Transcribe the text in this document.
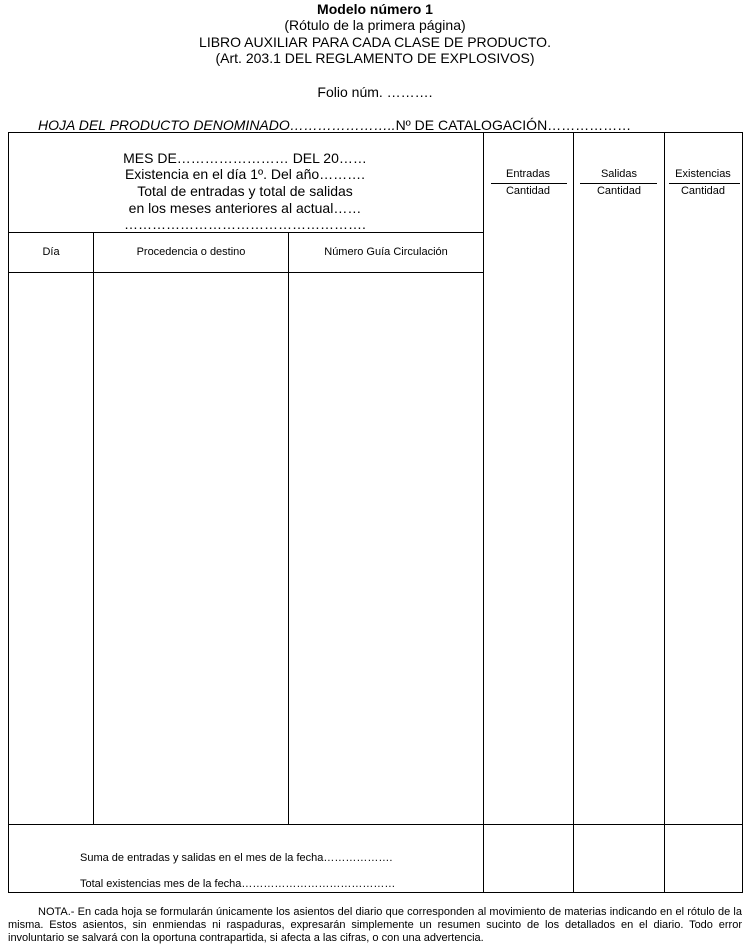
Modelo número 1
(Rótulo de la primera página)
LIBRO AUXILIAR PARA CADA CLASE DE PRODUCTO.
(Art. 203.1 DEL REGLAMENTO DE EXPLOSIVOS)
Folio núm. ……….
HOJA DEL PRODUCTO DENOMINADO…………………..Nº DE CATALOGACIÓN………………
MES DE…………………… DEL 20……
Existencia en el día 1º. Del año……….
Total de entradas y total de salidas
en los meses anteriores al actual……
…………………………………………….
Entradas
Cantidad
Salidas
Cantidad
Existencias
Cantidad
Día	Procedencia o destino	Número Guía Circulación
Suma de entradas y salidas en el mes de la fecha……………….
Total existencias mes de la fecha……………………………………
NOTA.- En cada hoja se formularán únicamente los asientos del diario que corresponden al movimiento de materias indicando en el rótulo de la misma. Estos asientos, sin enmiendas ni raspaduras, expresarán simplemente un resumen sucinto de los detallados en el diario. Todo error involuntario se salvará con la oportuna contrapartida, si afecta a las cifras, o con una advertencia.
